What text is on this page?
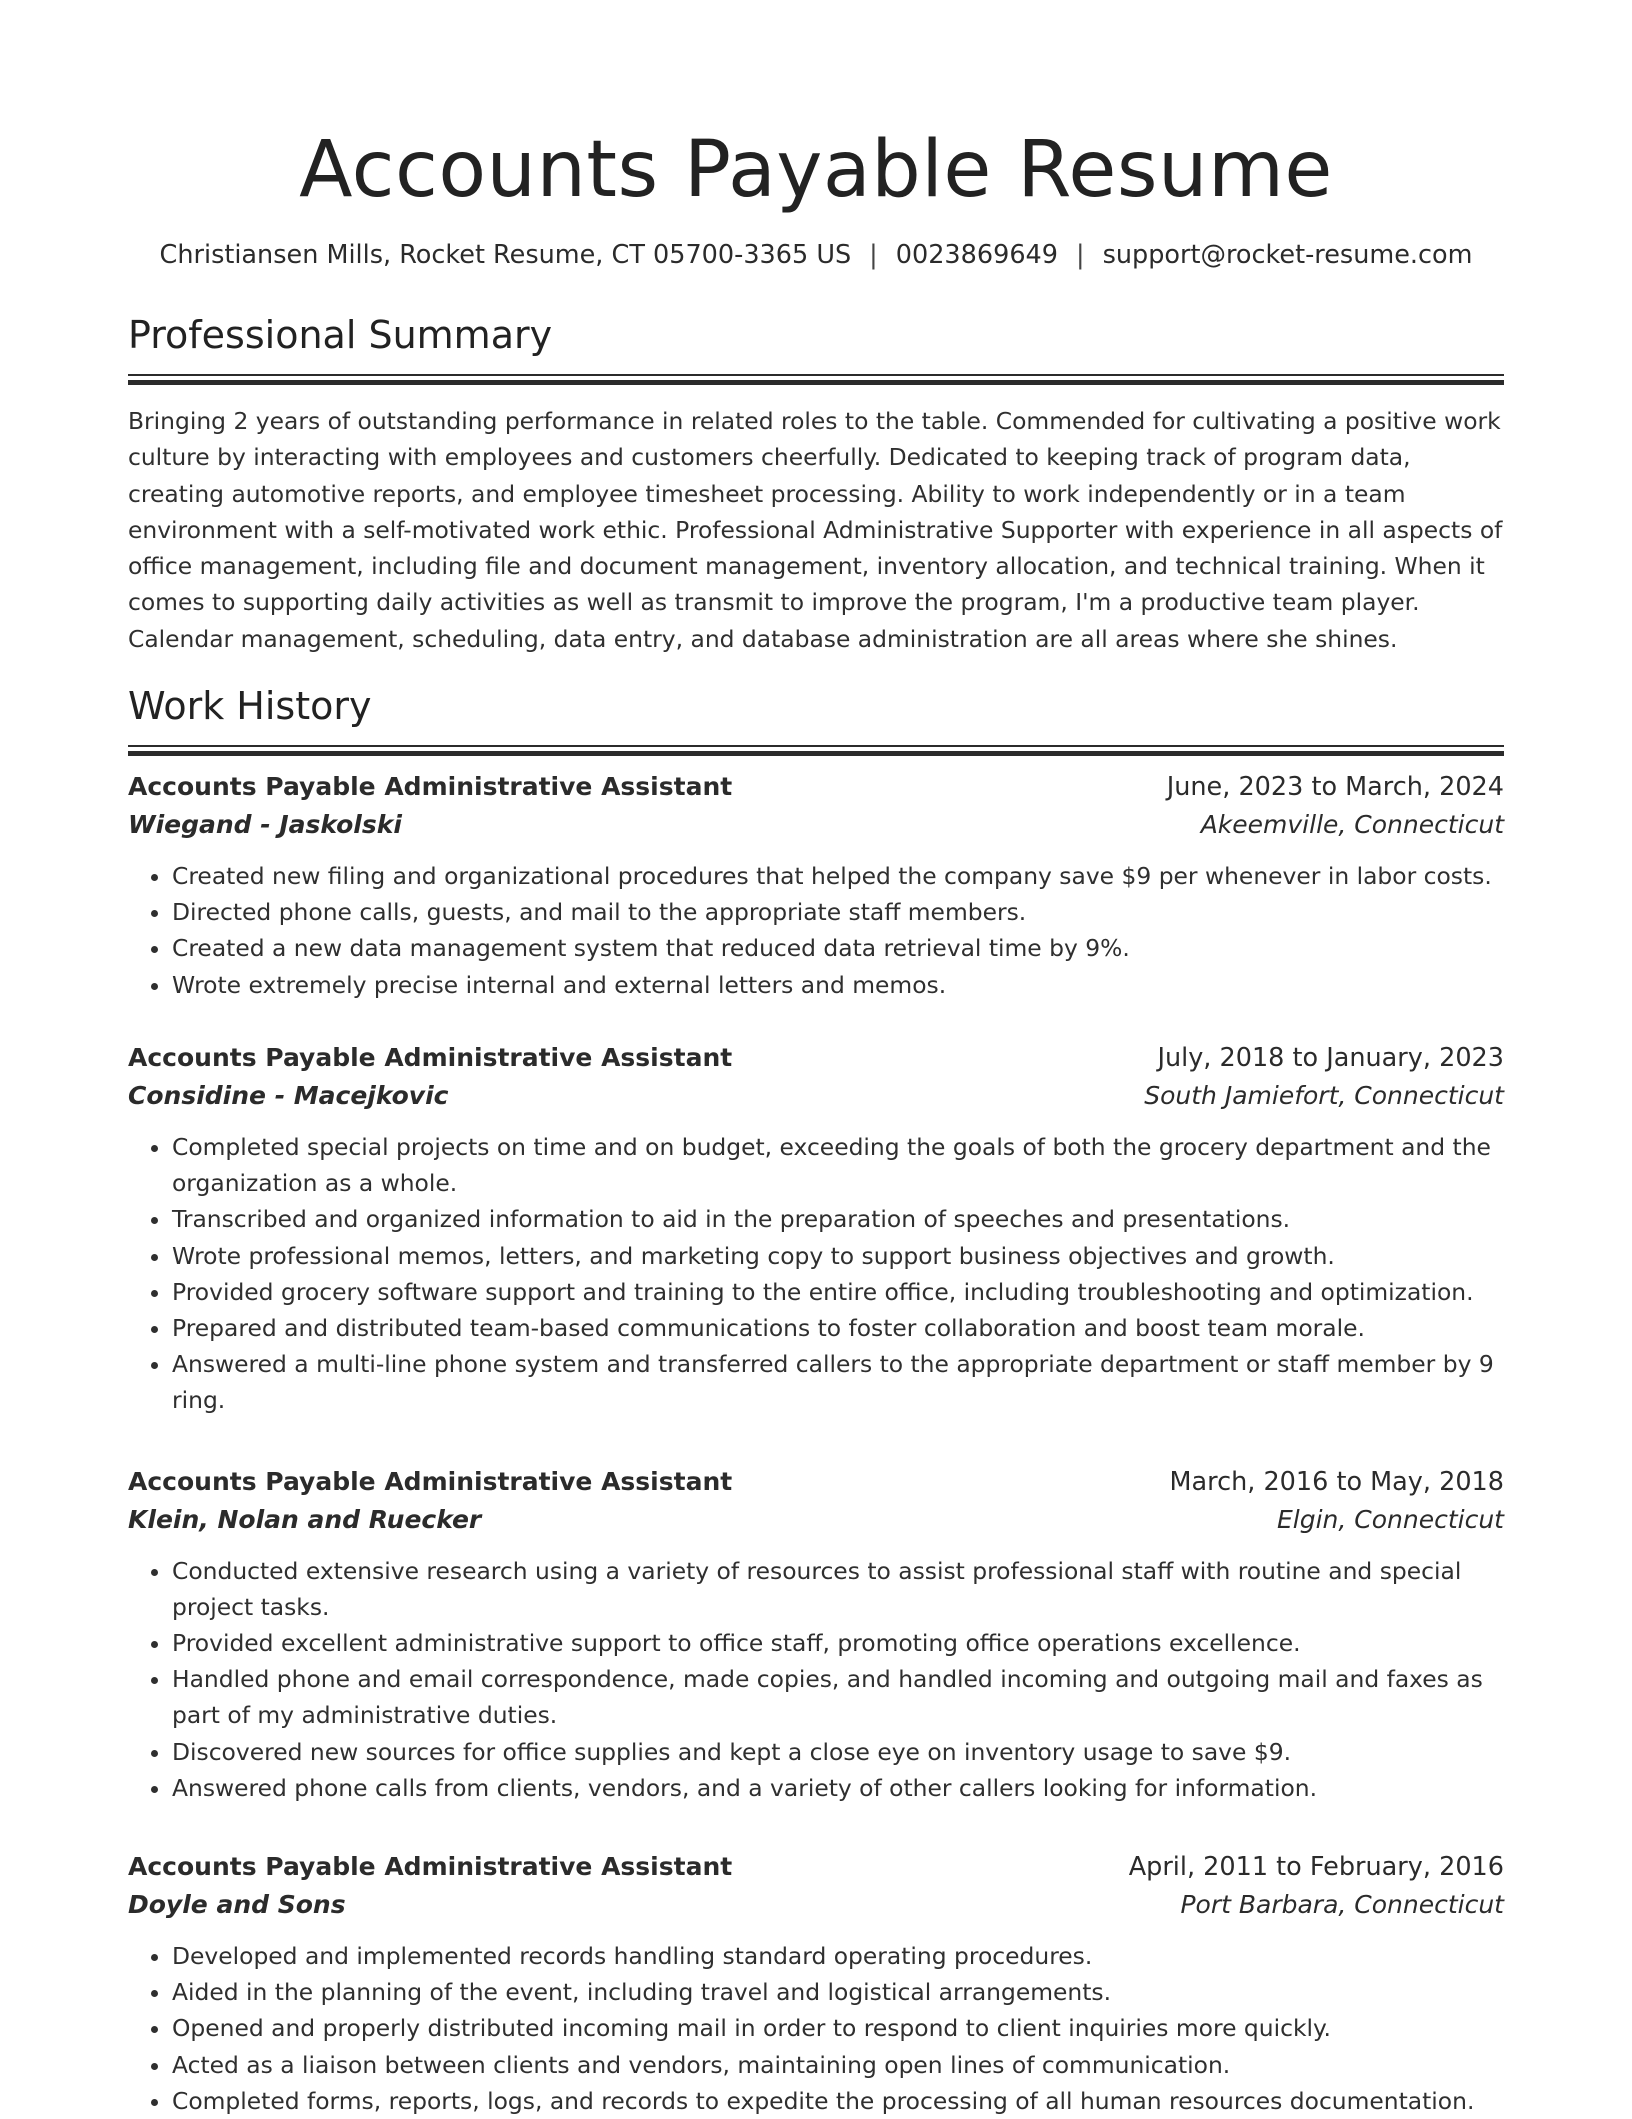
Accounts Payable Resume
Christiansen Mills, Rocket Resume, CT 05700-3365 US | 0023869649 | support@rocket-resume.com
Professional Summary

Bringing 2 years of outstanding performance in related roles to the table. Commended for cultivating a positive work culture by interacting with employees and customers cheerfully. Dedicated to keeping track of program data, creating automotive reports, and employee timesheet processing. Ability to work independently or in a team environment with a self-motivated work ethic. Professional Administrative Supporter with experience in all aspects of office management, including file and document management, inventory allocation, and technical training. When it comes to supporting daily activities as well as transmit to improve the program, I'm a productive team player. Calendar management, scheduling, data entry, and database administration are all areas where she shines.

Work History
Accounts Payable Administrative Assistant	June, 2023 to March, 2024
Wiegand - Jaskolski	Akeemville, Connecticut
• Created new filing and organizational procedures that helped the company save $9 per whenever in labor costs.
• Directed phone calls, guests, and mail to the appropriate staff members.
• Created a new data management system that reduced data retrieval time by 9%.
• Wrote extremely precise internal and external letters and memos.
Accounts Payable Administrative Assistant	July, 2018 to January, 2023
Considine - Macejkovic	South Jamiefort, Connecticut
• Completed special projects on time and on budget, exceeding the goals of both the grocery department and the organization as a whole.
• Transcribed and organized information to aid in the preparation of speeches and presentations.
• Wrote professional memos, letters, and marketing copy to support business objectives and growth.
• Provided grocery software support and training to the entire office, including troubleshooting and optimization.
• Prepared and distributed team-based communications to foster collaboration and boost team morale.
• Answered a multi-line phone system and transferred callers to the appropriate department or staff member by 9 ring.
Accounts Payable Administrative Assistant	March, 2016 to May, 2018
Klein, Nolan and Ruecker	Elgin, Connecticut
• Conducted extensive research using a variety of resources to assist professional staff with routine and special project tasks.
• Provided excellent administrative support to office staff, promoting office operations excellence.
• Handled phone and email correspondence, made copies, and handled incoming and outgoing mail and faxes as part of my administrative duties.
• Discovered new sources for office supplies and kept a close eye on inventory usage to save $9.
• Answered phone calls from clients, vendors, and a variety of other callers looking for information.
Accounts Payable Administrative Assistant	April, 2011 to February, 2016
Doyle and Sons	Port Barbara, Connecticut
• Developed and implemented records handling standard operating procedures.
• Aided in the planning of the event, including travel and logistical arrangements.
• Opened and properly distributed incoming mail in order to respond to client inquiries more quickly.
• Acted as a liaison between clients and vendors, maintaining open lines of communication.
• Completed forms, reports, logs, and records to expedite the processing of all human resources documentation.
